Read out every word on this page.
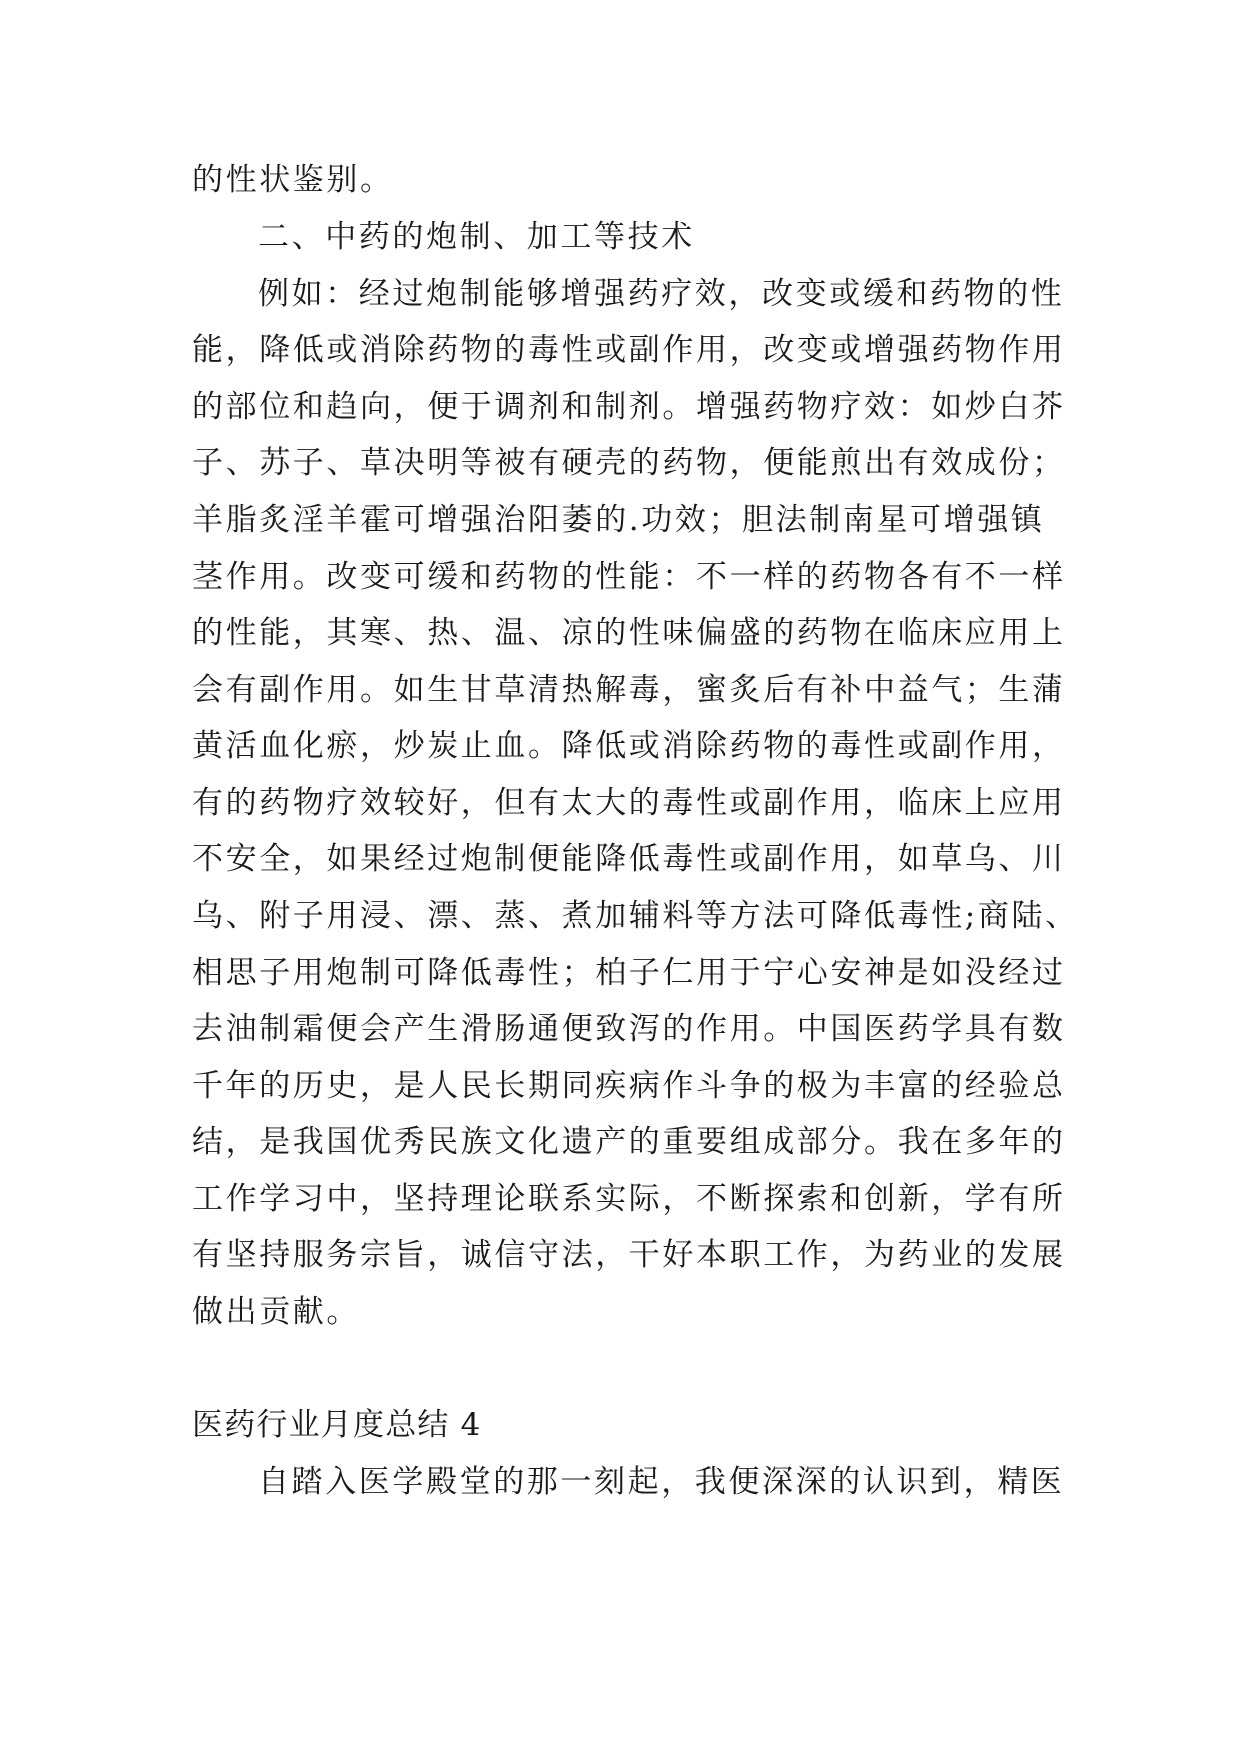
的性状鉴别。
二、中药的炮制、加工等技术
例如：经过炮制能够增强药疗效，改变或缓和药物的性
能，降低或消除药物的毒性或副作用，改变或增强药物作用
的部位和趋向，便于调剂和制剂。增强药物疗效：如炒白芥
子、苏子、草决明等被有硬壳的药物，便能煎出有效成份；
羊脂炙淫羊霍可增强治阳萎的.功效；胆法制南星可增强镇
茎作用。改变可缓和药物的性能：不一样的药物各有不一样
的性能，其寒、热、温、凉的性味偏盛的药物在临床应用上
会有副作用。如生甘草清热解毒，蜜炙后有补中益气；生蒲
黄活血化瘀，炒炭止血。降低或消除药物的毒性或副作用，
有的药物疗效较好，但有太大的毒性或副作用，临床上应用
不安全，如果经过炮制便能降低毒性或副作用，如草乌、川
乌、附子用浸、漂、蒸、煮加辅料等方法可降低毒性;商陆、
相思子用炮制可降低毒性；柏子仁用于宁心安神是如没经过
去油制霜便会产生滑肠通便致泻的作用。中国医药学具有数
千年的历史，是人民长期同疾病作斗争的极为丰富的经验总
结，是我国优秀民族文化遗产的重要组成部分。我在多年的
工作学习中，坚持理论联系实际，不断探索和创新，学有所
有坚持服务宗旨，诚信守法，干好本职工作，为药业的发展
做出贡献。
医药行业月度总结 4
自踏入医学殿堂的那一刻起，我便深深的认识到，精医
